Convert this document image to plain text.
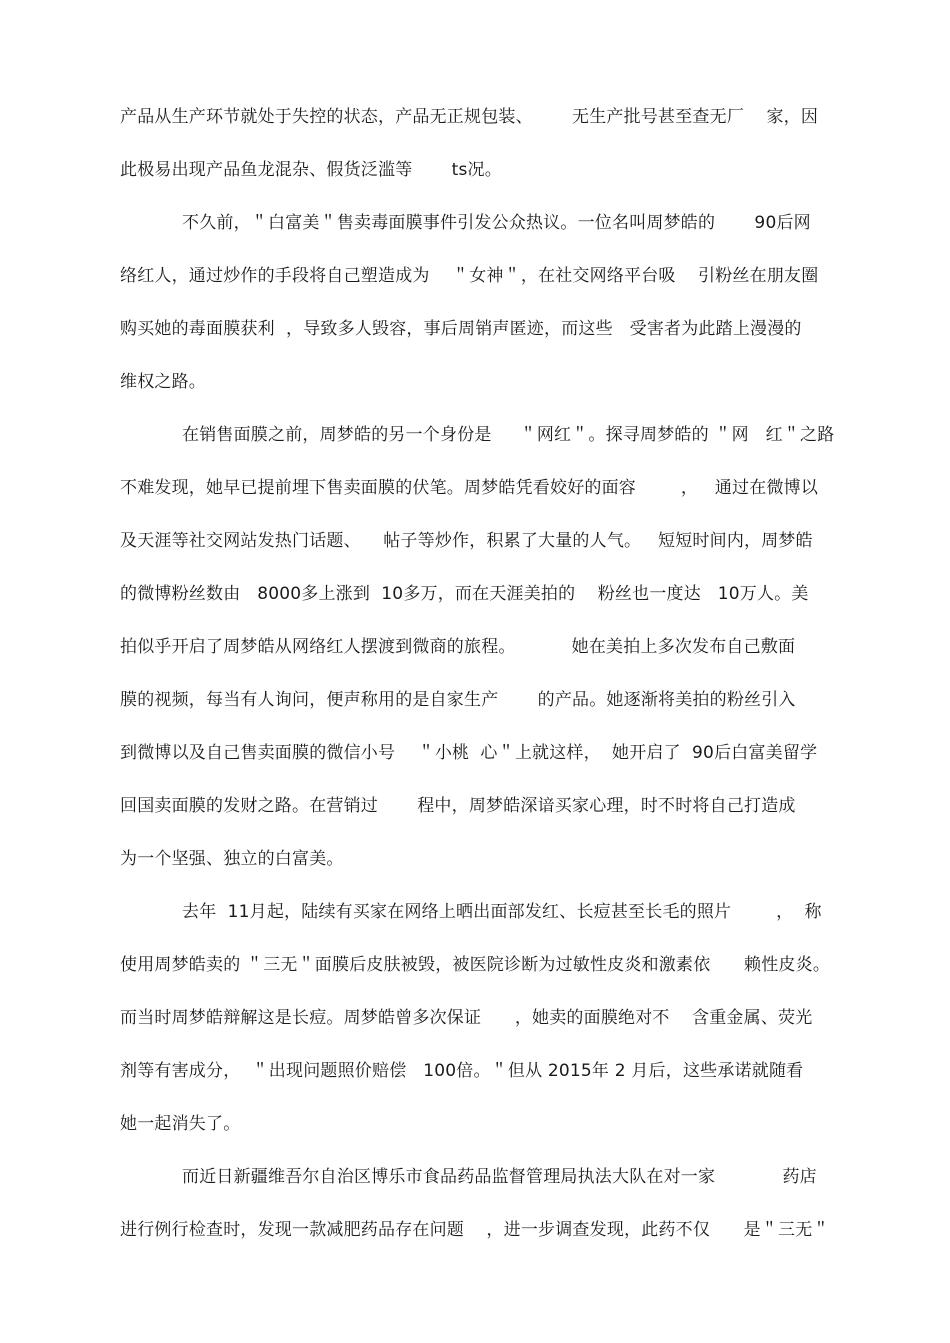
产品从生产环节就处于失控的状态，产品无正规包装、       无生产批号甚至查无厂    家，因
此极易出现产品鱼龙混杂、假货泛滥等       ts况。
不久前，＂白富美＂售卖毒面膜事件引发公众热议。一位名叫周梦皓的       90后网
络红人，通过炒作的手段将自己塑造成为    ＂女神＂，在社交网络平台吸    引粉丝在朋友圈
购买她的毒面膜获利  ，导致多人毁容，事后周销声匿迹，而这些   受害者为此踏上漫漫的
维权之路。
在销售面膜之前，周梦皓的另一个身份是     ＂网红＂。探寻周梦皓的 ＂网   红＂之路
不难发现，她早已提前埋下售卖面膜的伏笔。周梦皓凭看姣好的面容        ，   通过在微博以
及天涯等社交网站发热门话题、    帖子等炒作，积累了大量的人气。   短短时间内，周梦皓
的微博粉丝数由   8000多上涨到  10多万，而在天涯美拍的    粉丝也一度达   10万人。美
拍似乎开启了周梦皓从网络红人摆渡到微商的旅程。          她在美拍上多次发布自己敷面
膜的视频，每当有人询问，便声称用的是自家生产       的产品。她逐渐将美拍的粉丝引入
到微博以及自己售卖面膜的微信小号    ＂小桃  心＂上就这样，  她开启了  90后白富美留学
回国卖面膜的发财之路。在营销过       程中，周梦皓深谙买家心理，时不时将自己打造成
为一个坚强、独立的白富美。
去年  11月起，陆续有买家在网络上晒出面部发红、长痘甚至长毛的照片        ，  称
使用周梦皓卖的 ＂三无＂面膜后皮肤被毁，被医院诊断为过敏性皮炎和激素依      赖性皮炎。
而当时周梦皓辩解这是长痘。周梦皓曾多次保证      ，她卖的面膜绝对不    含重金属、荧光
剂等有害成分，  ＂出现问题照价赔偿   100倍。＂但从 2015年 2 月后，这些承诺就随看
她一起消失了。
而近日新疆维吾尔自治区博乐市食品药品监督管理局执法大队在对一家            药店
进行例行检查时，发现一款减肥药品存在问题    ，进一步调查发现，此药不仅      是＂三无＂
